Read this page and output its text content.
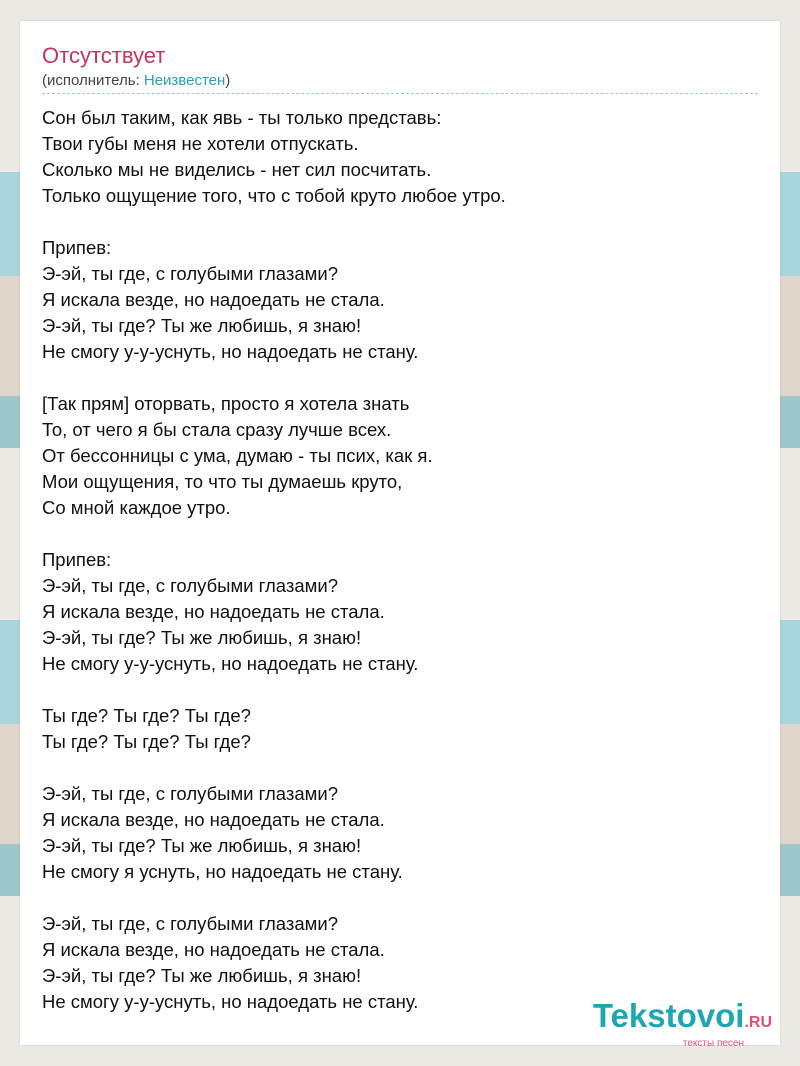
Отсутствует
(исполнитель: Неизвестен)
Сон был таким, как явь - ты только представь:
Твои губы меня не хотели отпускать.
Сколько мы не виделись - нет сил посчитать.
Только ощущение того, что с тобой круто любое утро.
Припев:
Э-эй, ты где, с голубыми глазами?
Я искала везде, но надоедать не стала.
Э-эй, ты где? Ты же любишь, я знаю!
Не смогу у-у-уснуть, но надоедать не стану.
[Так прям] оторвать, просто я хотела знать
То, от чего я бы стала сразу лучше всех.
От бессонницы с ума, думаю - ты псих, как я.
Мои ощущения, то что ты думаешь круто,
Со мной каждое утро.
Припев:
Э-эй, ты где, с голубыми глазами?
Я искала везде, но надоедать не стала.
Э-эй, ты где? Ты же любишь, я знаю!
Не смогу у-у-уснуть, но надоедать не стану.
Ты где? Ты где? Ты где?
Ты где? Ты где? Ты где?
Э-эй, ты где, с голубыми глазами?
Я искала везде, но надоедать не стала.
Э-эй, ты где? Ты же любишь, я знаю!
Не смогу я уснуть, но надоедать не стану.
Э-эй, ты где, с голубыми глазами?
Я искала везде, но надоедать не стала.
Э-эй, ты где? Ты же любишь, я знаю!
Не смогу у-у-уснуть, но надоедать не стану.	Tekstovoi.RU
тексты песен
